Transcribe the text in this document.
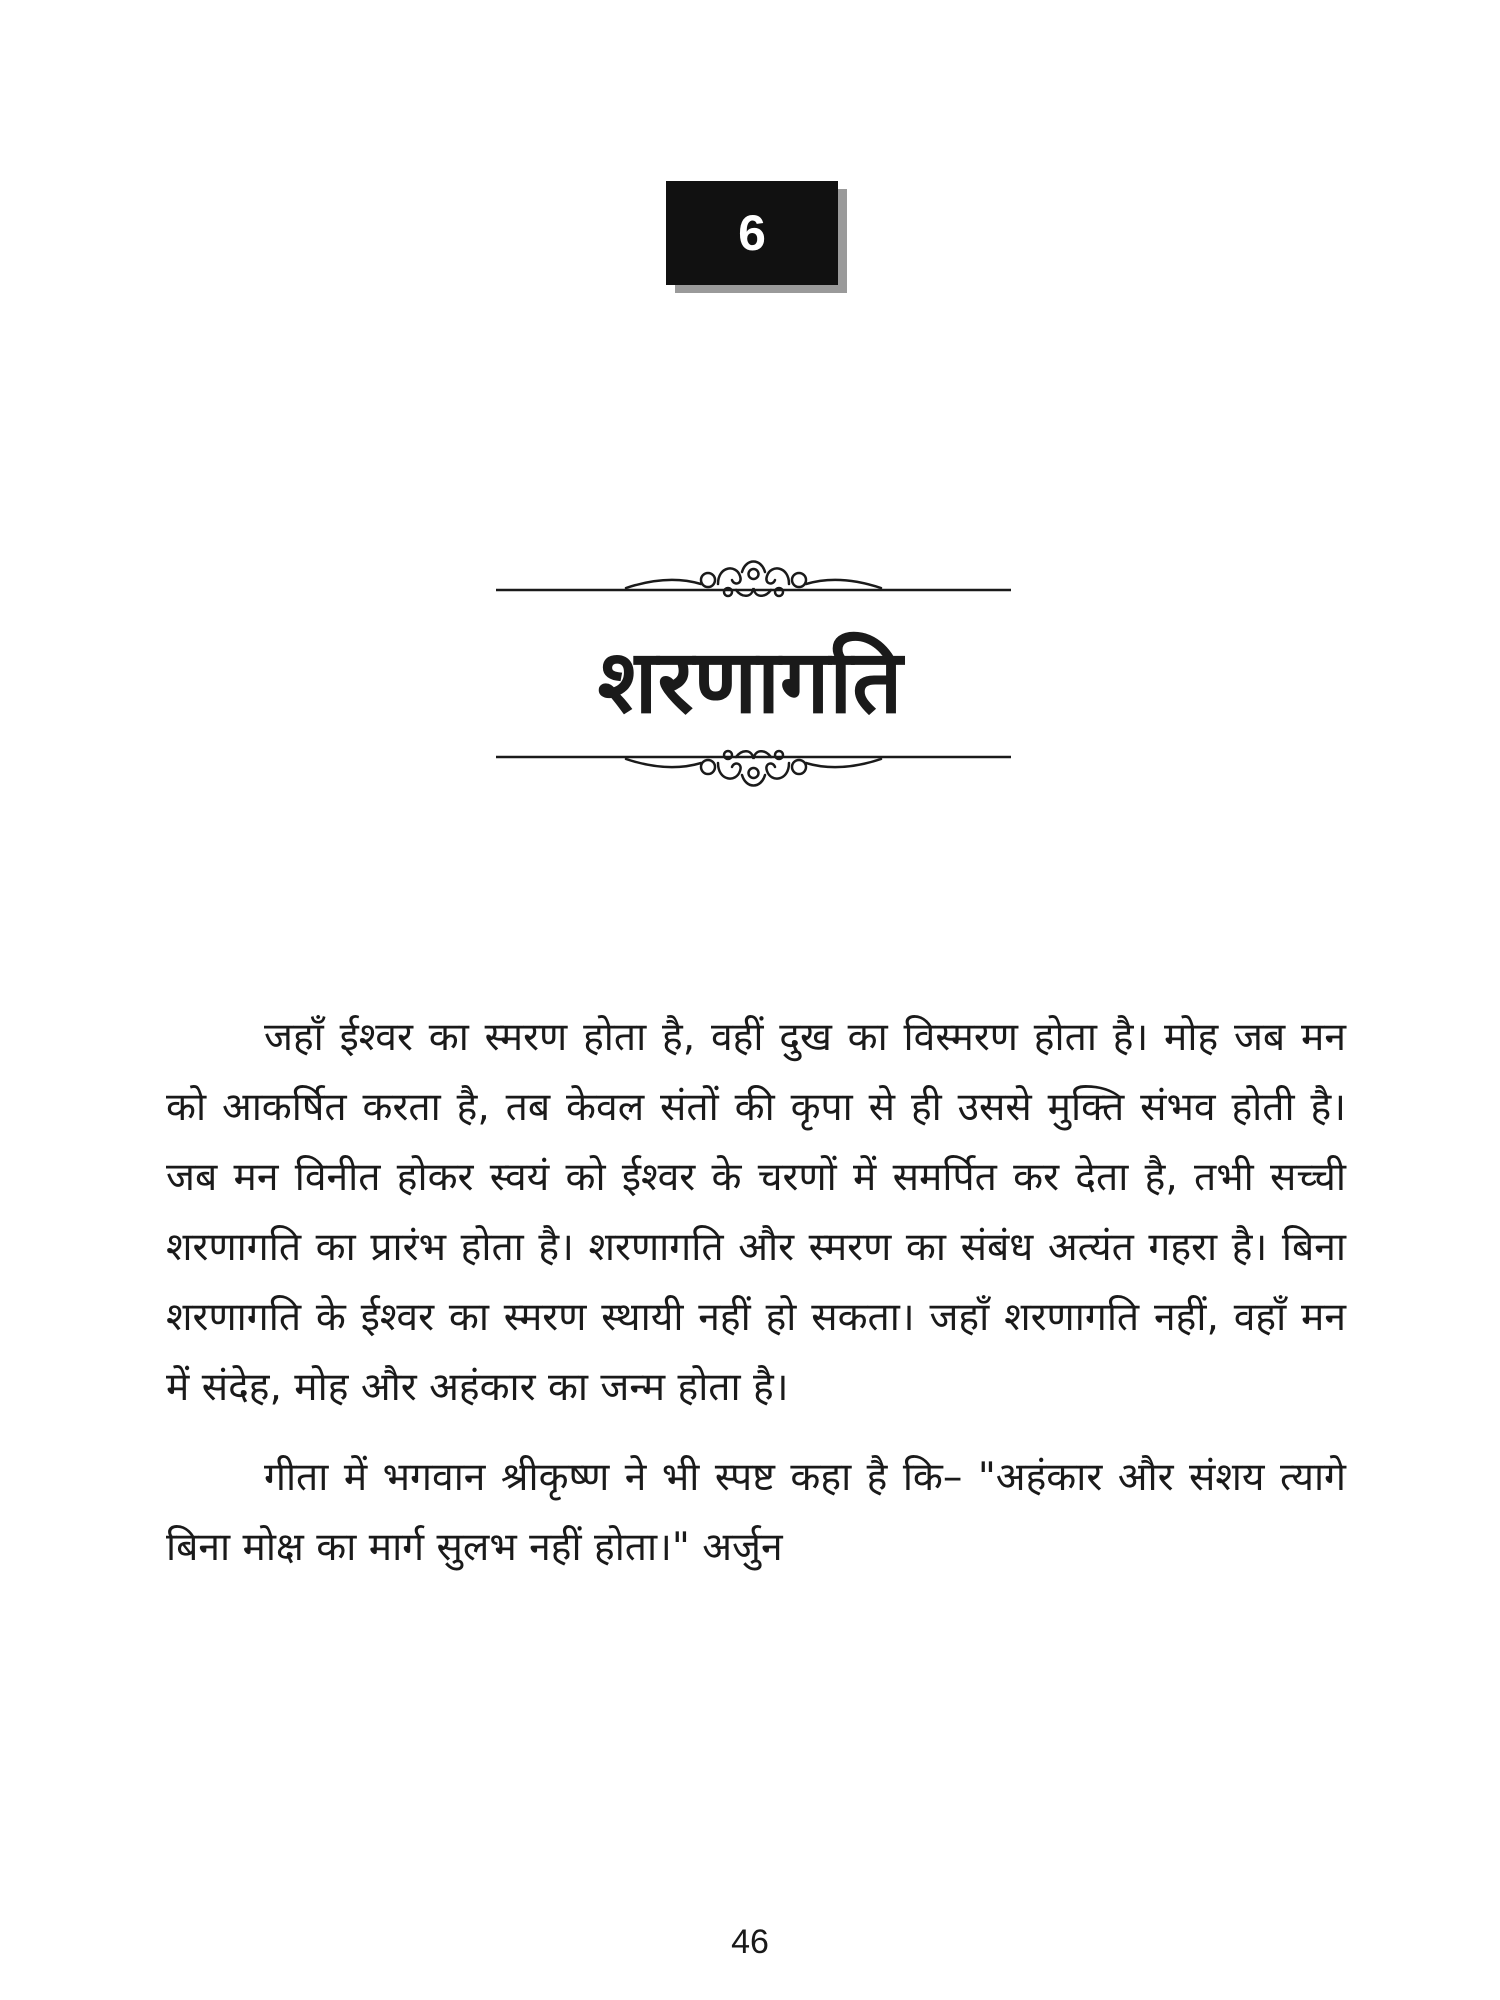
6
शरणागति

जहाँ ईश्वर का स्मरण होता है, वहीं दुख का विस्मरण होता है। मोह जब मन को आकर्षित करता है, तब केवल संतों की कृपा से ही उससे मुक्ति संभव होती है। जब मन विनीत होकर स्वयं को ईश्वर के चरणों में समर्पित कर देता है, तभी सच्ची शरणागति का प्रारंभ होता है। शरणागति और स्मरण का संबंध अत्यंत गहरा है। बिना शरणागति के ईश्वर का स्मरण स्थायी नहीं हो सकता। जहाँ शरणागति नहीं, वहाँ मन में संदेह, मोह और अहंकार का जन्म होता है।

गीता में भगवान श्रीकृष्ण ने भी स्पष्ट कहा है कि– "अहंकार और संशय त्यागे बिना मोक्ष का मार्ग सुलभ नहीं होता।" अर्जुन

46
